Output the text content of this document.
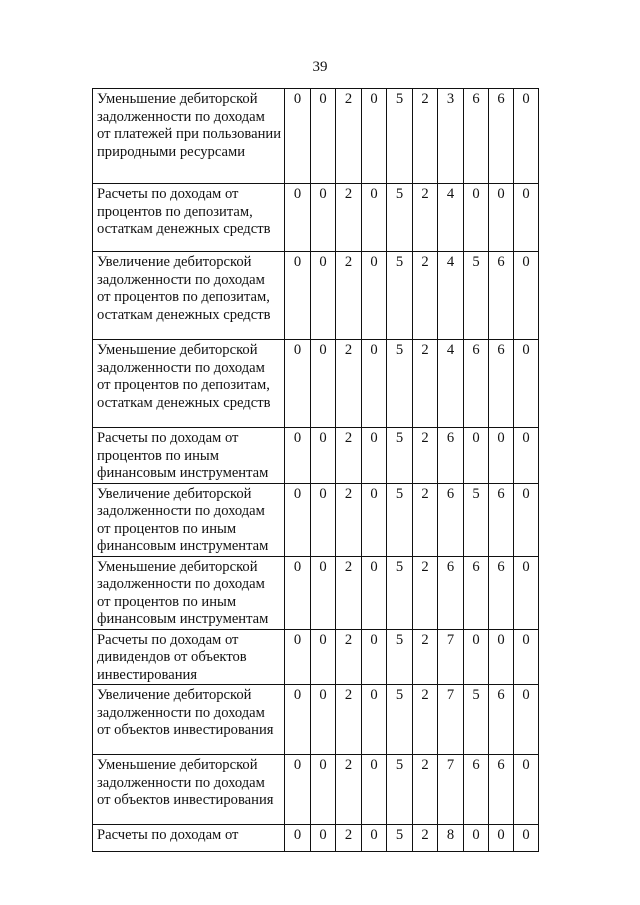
39
Уменьшение дебиторской задолженности по доходам от платежей при пользовании природными ресурсами	0	0	2	0	5	2	3	6	6	0
Расчеты по доходам от процентов по депозитам, остаткам денежных средств	0	0	2	0	5	2	4	0	0	0
Увеличение дебиторской задолженности по доходам от процентов по депозитам, остаткам денежных средств	0	0	2	0	5	2	4	5	6	0
Уменьшение дебиторской задолженности по доходам от процентов по депозитам, остаткам денежных средств	0	0	2	0	5	2	4	6	6	0
Расчеты по доходам от процентов по иным финансовым инструментам	0	0	2	0	5	2	6	0	0	0
Увеличение дебиторской задолженности по доходам от процентов по иным финансовым инструментам	0	0	2	0	5	2	6	5	6	0
Уменьшение дебиторской задолженности по доходам от процентов по иным финансовым инструментам	0	0	2	0	5	2	6	6	6	0
Расчеты по доходам от дивидендов от объектов инвестирования	0	0	2	0	5	2	7	0	0	0
Увеличение дебиторской задолженности по доходам от объектов инвестирования	0	0	2	0	5	2	7	5	6	0
Уменьшение дебиторской задолженности по доходам от объектов инвестирования	0	0	2	0	5	2	7	6	6	0
Расчеты по доходам от	0	0	2	0	5	2	8	0	0	0
